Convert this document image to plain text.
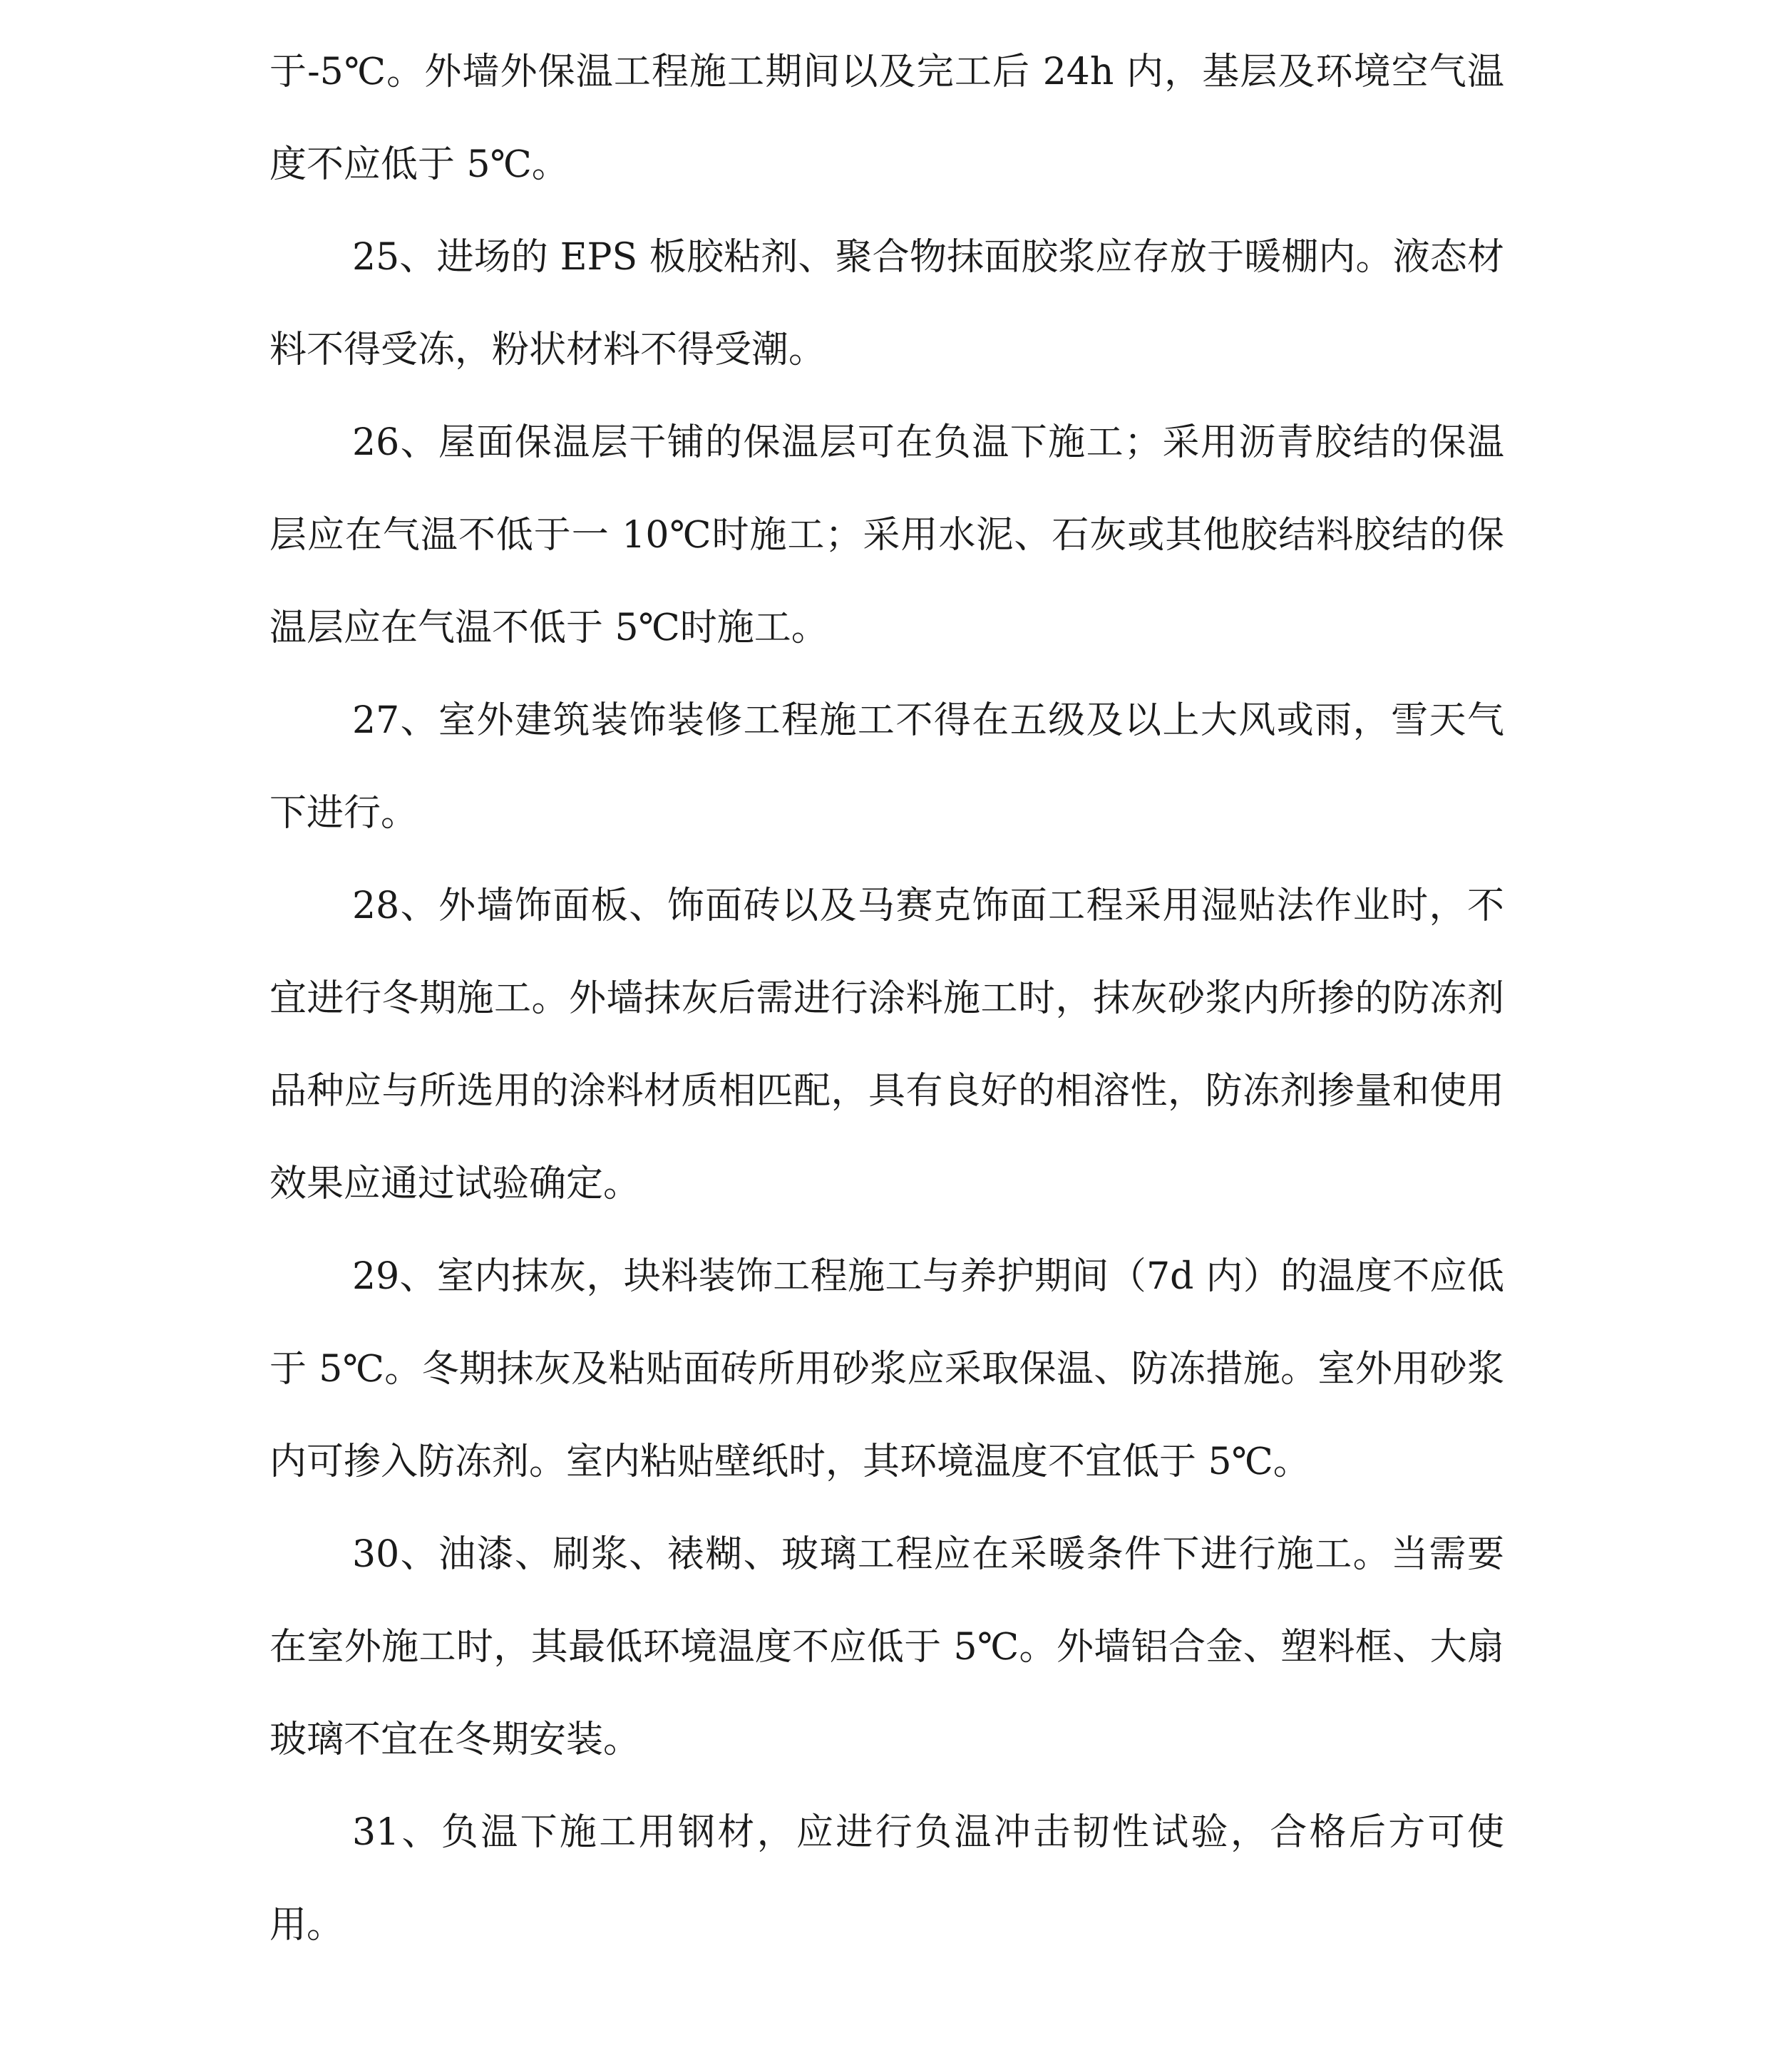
于-5℃。外墙外保温工程施工期间以及完工后 24h 内，基层及环境空气温度不应低于 5℃。

25、进场的 EPS 板胶粘剂、聚合物抹面胶浆应存放于暖棚内。液态材料不得受冻，粉状材料不得受潮。

26、屋面保温层干铺的保温层可在负温下施工；采用沥青胶结的保温层应在气温不低于一 10℃时施工；采用水泥、石灰或其他胶结料胶结的保温层应在气温不低于 5℃时施工。

27、室外建筑装饰装修工程施工不得在五级及以上大风或雨，雪天气下进行。

28、外墙饰面板、饰面砖以及马赛克饰面工程采用湿贴法作业时，不宜进行冬期施工。外墙抹灰后需进行涂料施工时，抹灰砂浆内所掺的防冻剂品种应与所选用的涂料材质相匹配，具有良好的相溶性，防冻剂掺量和使用效果应通过试验确定。

29、室内抹灰，块料装饰工程施工与养护期间（7d 内）的温度不应低于 5℃。冬期抹灰及粘贴面砖所用砂浆应采取保温、防冻措施。室外用砂浆内可掺入防冻剂。室内粘贴壁纸时，其环境温度不宜低于 5℃。

30、油漆、刷浆、裱糊、玻璃工程应在采暖条件下进行施工。当需要在室外施工时，其最低环境温度不应低于 5℃。外墙铝合金、塑料框、大扇玻璃不宜在冬期安装。

31、负温下施工用钢材，应进行负温冲击韧性试验，合格后方可使用。
